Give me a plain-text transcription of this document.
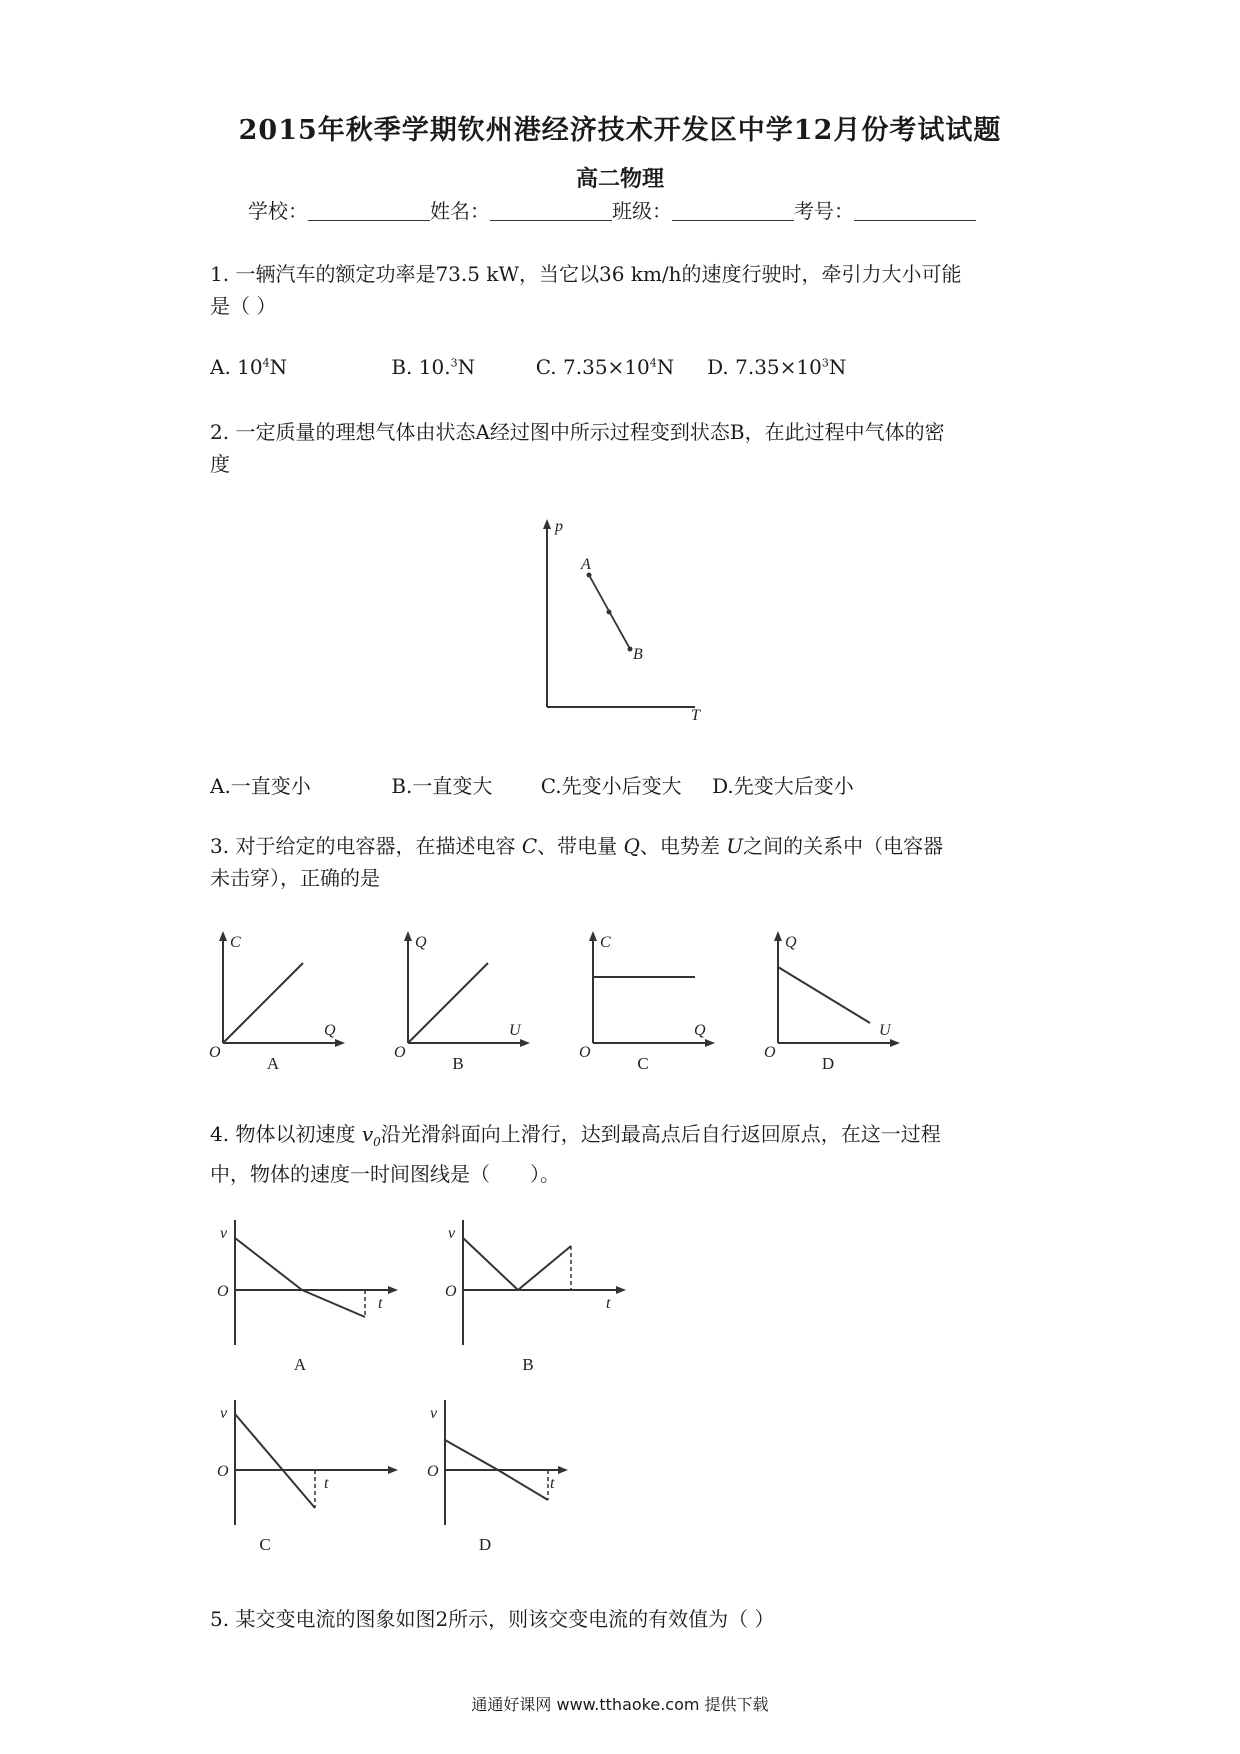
2015年秋季学期钦州港经济技术开发区中学12月份考试试题
高二物理
学校：	姓名：	班级：	考号：
1. 一辆汽车的额定功率是73.5 kW，当它以36 km/h的速度行驶时，牵引力大小可能
是（ ）
A. $10^4N$	B. 10.$^3$N	C. $7.35\times 10^4N$ D. $7.35\times 10^3N$
2. 一定质量的理想气体由状态A经过图中所示过程变到状态B，在此过程中气体的密
度
p
T
A
B
A.一直变小	B.一直变大 C.先变小后变大 D.先变大后变小
3. 对于给定的电容器，在描述电容 C、带电量 Q、电势差 U之间的关系中（电容器
未击穿），正确的是
C
Q
O
A
Q
U
O
B
C
Q
O
C
Q
U
O
D
4. 物体以初速度 $v_0$沿光滑斜面向上滑行，达到最高点后自行返回原点，在这一过程
中，物体的速度一时间图线是（　　）。
v
t
O
A
v
t
O
B
v
t
O
C
v
t
O
D
5. 某交变电流的图象如图2所示，则该交变电流的有效值为（ ）
通通好课网 www.tthaoke.com 提供下载
